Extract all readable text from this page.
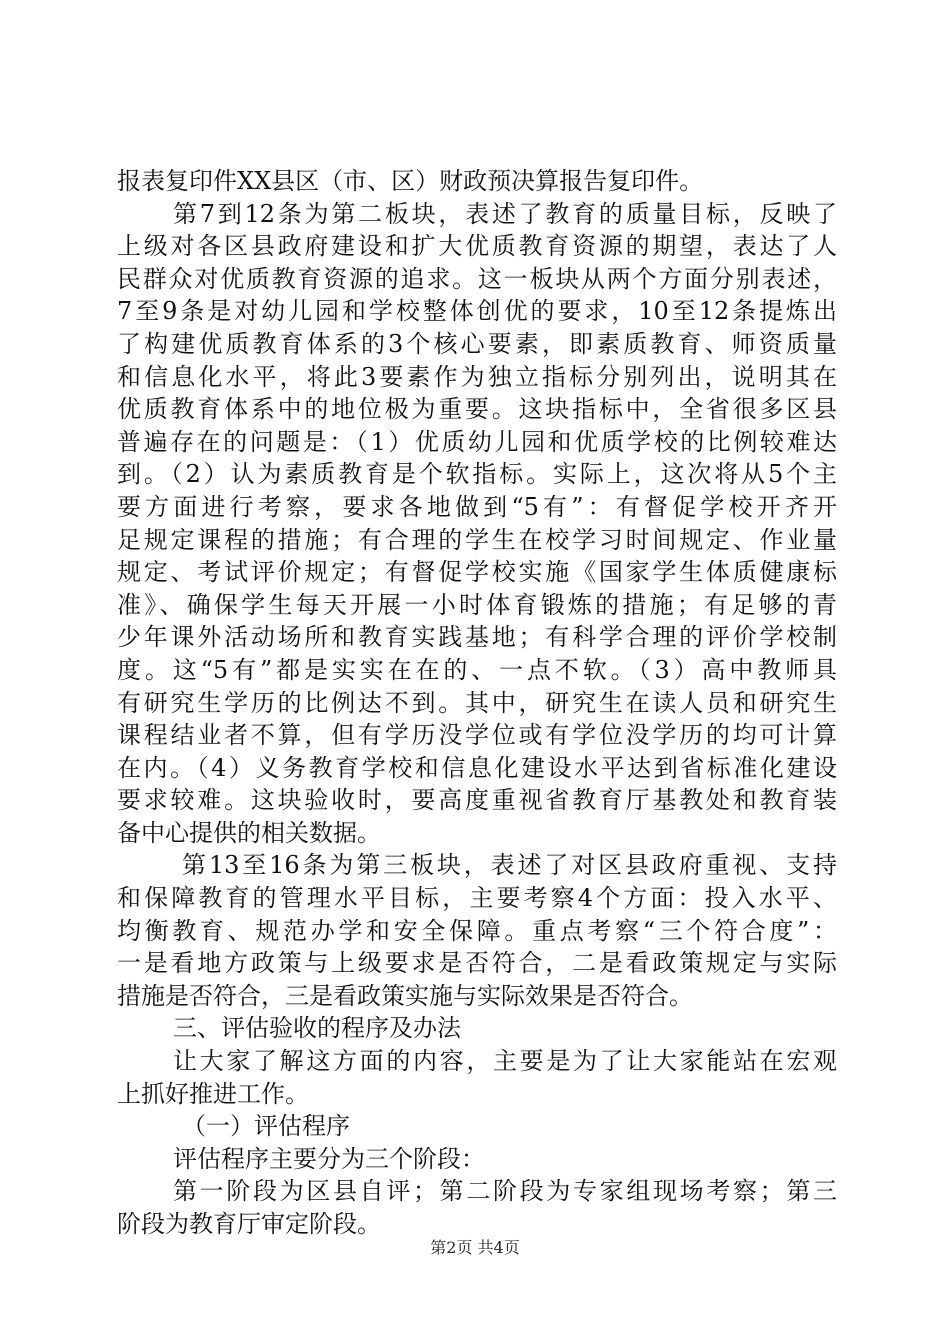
报表复印件XX县区（市、区）财政预决算报告复印件。
第7到12条为第二板块，表述了教育的质量目标，反映了
上级对各区县政府建设和扩大优质教育资源的期望，表达了人
民群众对优质教育资源的追求。这一板块从两个方面分别表述，
7至9条是对幼儿园和学校整体创优的要求，10至12条提炼出
了构建优质教育体系的3个核心要素，即素质教育、师资质量
和信息化水平，将此3要素作为独立指标分别列出，说明其在
优质教育体系中的地位极为重要。这块指标中，全省很多区县
普遍存在的问题是：（1）优质幼儿园和优质学校的比例较难达
到。（2）认为素质教育是个软指标。实际上，这次将从5个主
要方面进行考察，要求各地做到“5有”：有督促学校开齐开
足规定课程的措施；有合理的学生在校学习时间规定、作业量
规定、考试评价规定；有督促学校实施《国家学生体质健康标
准》、确保学生每天开展一小时体育锻炼的措施；有足够的青
少年课外活动场所和教育实践基地；有科学合理的评价学校制
度。这“5有”都是实实在在的、一点不软。（3）高中教师具
有研究生学历的比例达不到。其中，研究生在读人员和研究生
课程结业者不算，但有学历没学位或有学位没学历的均可计算
在内。（4）义务教育学校和信息化建设水平达到省标准化建设
要求较难。这块验收时，要高度重视省教育厅基教处和教育装
备中心提供的相关数据。
第13至16条为第三板块，表述了对区县政府重视、支持
和保障教育的管理水平目标，主要考察4个方面：投入水平、
均衡教育、规范办学和安全保障。重点考察“三个符合度”：
一是看地方政策与上级要求是否符合，二是看政策规定与实际
措施是否符合，三是看政策实施与实际效果是否符合。
三、评估验收的程序及办法
让大家了解这方面的内容，主要是为了让大家能站在宏观
上抓好推进工作。
（一）评估程序
评估程序主要分为三个阶段：
第一阶段为区县自评；第二阶段为专家组现场考察；第三
阶段为教育厅审定阶段。
第2页 共4页
